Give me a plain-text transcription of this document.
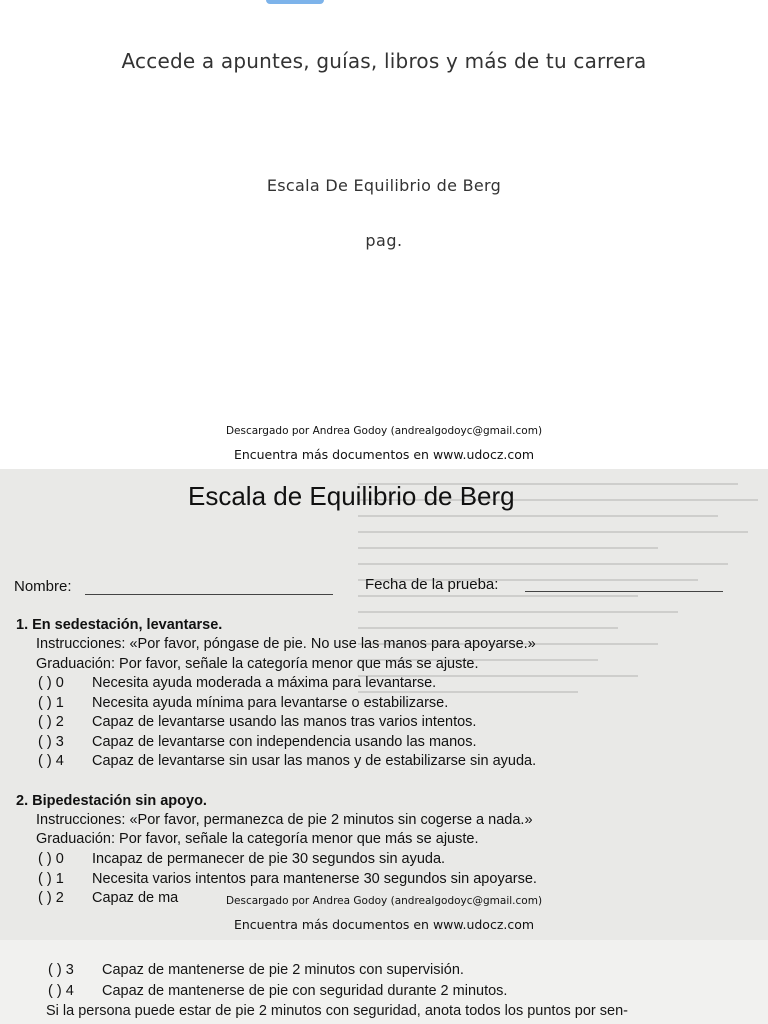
Accede a apuntes, guías, libros y más de tu carrera
Escala De Equilibrio de Berg
pag.
Descargado por Andrea Godoy (andrealgodoyc@gmail.com)
Encuentra más documentos en www.udocz.com
Escala de Equilibrio de Berg
Nombre:	Fecha de la prueba:
1. En sedestación, levantarse.
Instrucciones: «Por favor, póngase de pie. No use las manos para apoyarse.»
Graduación: Por favor, señale la categoría menor que más se ajuste.
( ) 0 Necesita ayuda moderada a máxima para levantarse.
( ) 1 Necesita ayuda mínima para levantarse o estabilizarse.
( ) 2 Capaz de levantarse usando las manos tras varios intentos.
( ) 3 Capaz de levantarse con independencia usando las manos.
( ) 4 Capaz de levantarse sin usar las manos y de estabilizarse sin ayuda.
2. Bipedestación sin apoyo.
Instrucciones: «Por favor, permanezca de pie 2 minutos sin cogerse a nada.»
Graduación: Por favor, señale la categoría menor que más se ajuste.
( ) 0 Incapaz de permanecer de pie 30 segundos sin ayuda.
( ) 1 Necesita varios intentos para mantenerse 30 segundos sin apoyarse.
( ) 2 Capaz de ma	Descargado por Andrea Godoy (andrealgodoyc@gmail.com)
Encuentra más documentos en www.udocz.com
( ) 3 Capaz de mantenerse de pie 2 minutos con supervisión.
( ) 4 Capaz de mantenerse de pie con seguridad durante 2 minutos.
Si la persona puede estar de pie 2 minutos con seguridad, anota todos los puntos por sen-
